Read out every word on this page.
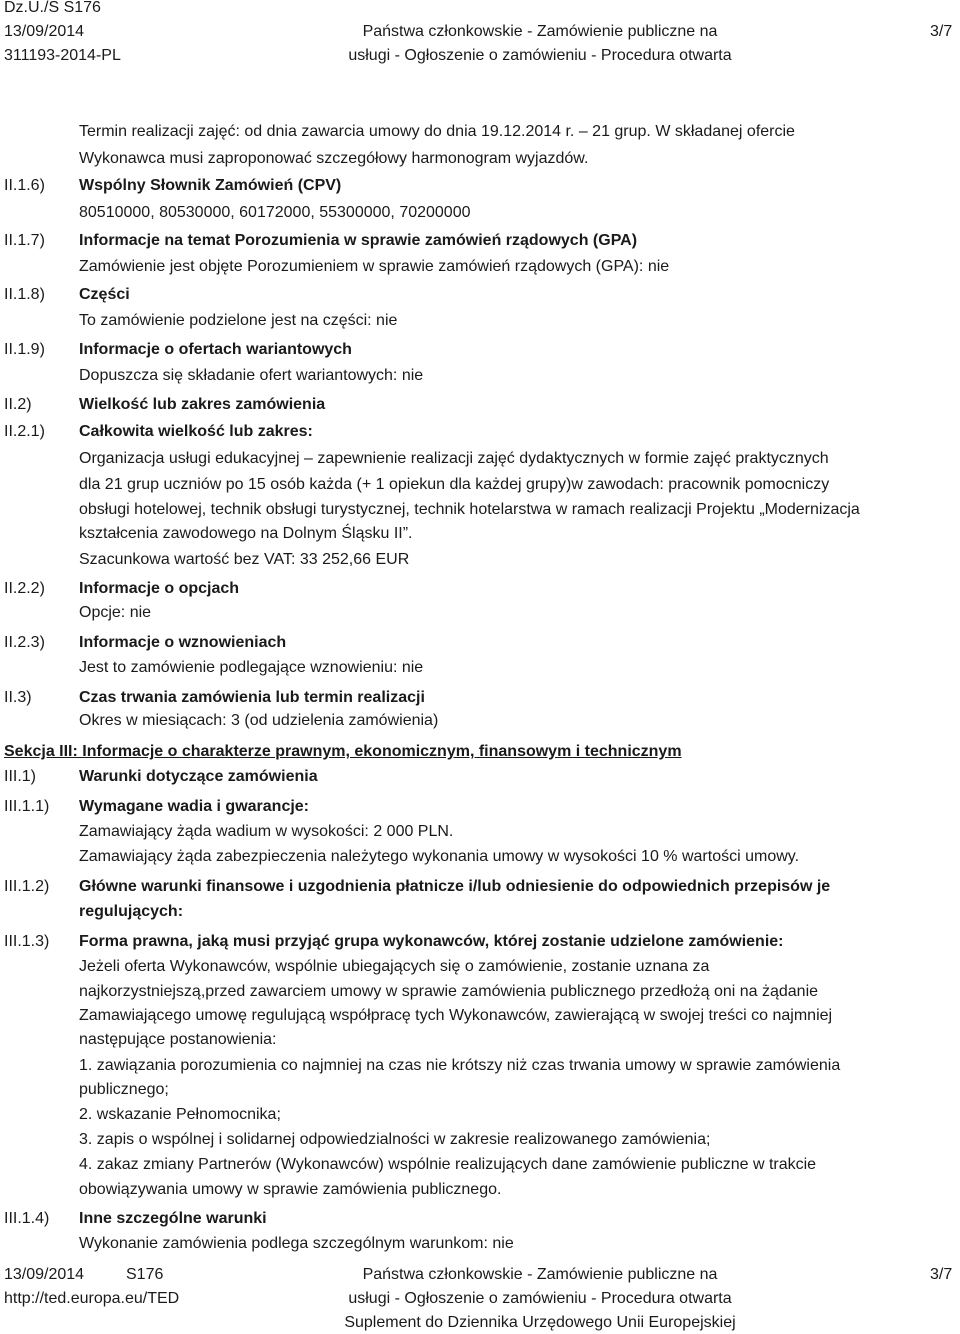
Dz.U./S S176
13/09/2014
311193-2014-PL
Państwa członkowskie - Zamówienie publiczne na
usługi - Ogłoszenie o zamówieniu - Procedura otwarta
3/7
Termin realizacji zajęć: od dnia zawarcia umowy do dnia 19.12.2014 r. – 21 grup. W składanej ofercie
Wykonawca musi zaproponować szczegółowy harmonogram wyjazdów.
II.1.6) Wspólny Słownik Zamówień (CPV)
80510000, 80530000, 60172000, 55300000, 70200000
II.1.7) Informacje na temat Porozumienia w sprawie zamówień rządowych (GPA)
Zamówienie jest objęte Porozumieniem w sprawie zamówień rządowych (GPA): nie
II.1.8) Części
To zamówienie podzielone jest na części: nie
II.1.9) Informacje o ofertach wariantowych
Dopuszcza się składanie ofert wariantowych: nie
II.2)	Wielkość lub zakres zamówienia
II.2.1) Całkowita wielkość lub zakres:
Organizacja usługi edukacyjnej – zapewnienie realizacji zajęć dydaktycznych w formie zajęć praktycznych
dla 21 grup uczniów po 15 osób każda (+ 1 opiekun dla każdej grupy)w zawodach: pracownik pomocniczy
obsługi hotelowej, technik obsługi turystycznej, technik hotelarstwa w ramach realizacji Projektu „Modernizacja
kształcenia zawodowego na Dolnym Śląsku II”.
Szacunkowa wartość bez VAT: 33 252,66 EUR
II.2.2) Informacje o opcjach
Opcje: nie
II.2.3) Informacje o wznowieniach
Jest to zamówienie podlegające wznowieniu: nie
II.3)	Czas trwania zamówienia lub termin realizacji
Okres w miesiącach: 3 (od udzielenia zamówienia)
Sekcja III: Informacje o charakterze prawnym, ekonomicznym, finansowym i technicznym
III.1)	Warunki dotyczące zamówienia
III.1.1) Wymagane wadia i gwarancje:
Zamawiający żąda wadium w wysokości: 2 000 PLN.
Zamawiający żąda zabezpieczenia należytego wykonania umowy w wysokości 10 % wartości umowy.
III.1.2) Główne warunki finansowe i uzgodnienia płatnicze i/lub odniesienie do odpowiednich przepisów je
regulujących:
III.1.3) Forma prawna, jaką musi przyjąć grupa wykonawców, której zostanie udzielone zamówienie:
Jeżeli oferta Wykonawców, wspólnie ubiegających się o zamówienie, zostanie uznana za
najkorzystniejszą,przed zawarciem umowy w sprawie zamówienia publicznego przedłożą oni na żądanie
Zamawiającego umowę regulującą współpracę tych Wykonawców, zawierającą w swojej treści co najmniej
następujące postanowienia:
1. zawiązania porozumienia co najmniej na czas nie krótszy niż czas trwania umowy w sprawie zamówienia
publicznego;
2. wskazanie Pełnomocnika;
3. zapis o wspólnej i solidarnej odpowiedzialności w zakresie realizowanego zamówienia;
4. zakaz zmiany Partnerów (Wykonawców) wspólnie realizujących dane zamówienie publiczne w trakcie
obowiązywania umowy w sprawie zamówienia publicznego.
III.1.4) Inne szczególne warunki
Wykonanie zamówienia podlega szczególnym warunkom: nie
13/09/2014	S176
http://ted.europa.eu/TED
Państwa członkowskie - Zamówienie publiczne na
usługi - Ogłoszenie o zamówieniu - Procedura otwarta
Suplement do Dziennika Urzędowego Unii Europejskiej
3/7
